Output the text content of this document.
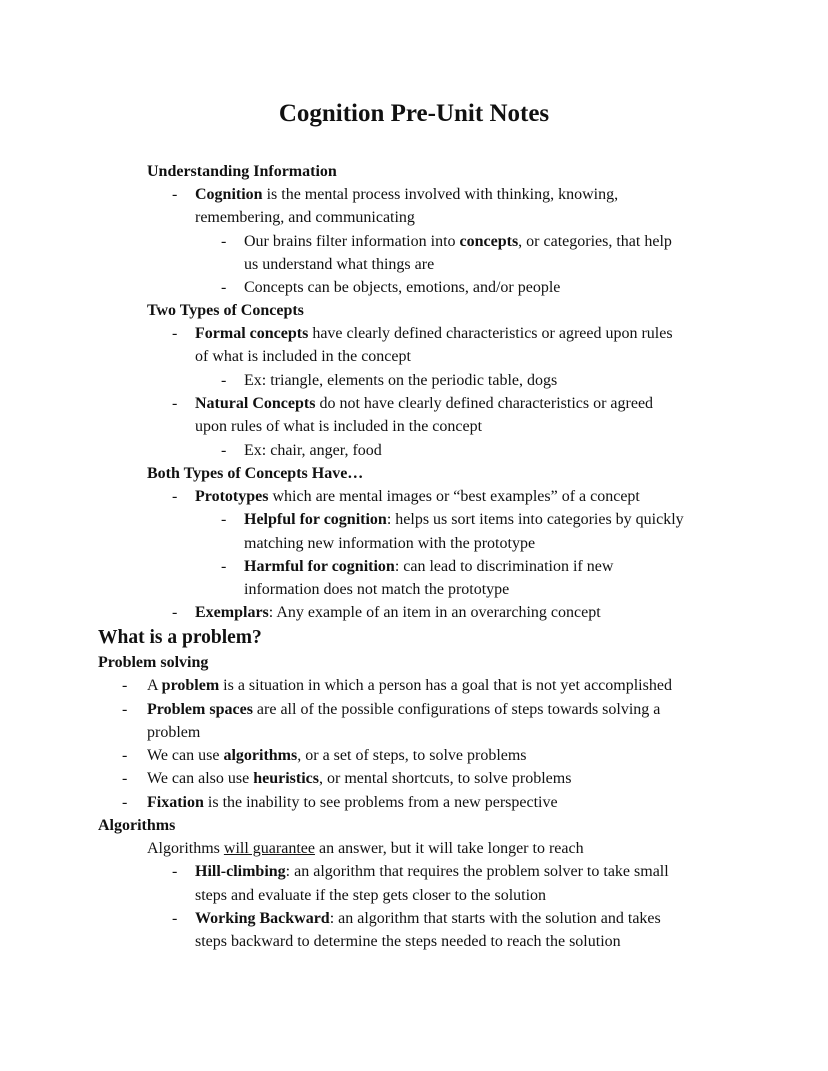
Cognition Pre-Unit Notes
Understanding Information
- Cognition is the mental process involved with thinking, knowing,
remembering, and communicating
- Our brains filter information into concepts, or categories, that help
us understand what things are
- Concepts can be objects, emotions, and/or people
Two Types of Concepts
- Formal concepts have clearly defined characteristics or agreed upon rules
of what is included in the concept
- Ex: triangle, elements on the periodic table, dogs
- Natural Concepts do not have clearly defined characteristics or agreed
upon rules of what is included in the concept
- Ex: chair, anger, food
Both Types of Concepts Have…
- Prototypes which are mental images or “best examples” of a concept
- Helpful for cognition: helps us sort items into categories by quickly
matching new information with the prototype
- Harmful for cognition: can lead to discrimination if new
information does not match the prototype
- Exemplars: Any example of an item in an overarching concept
What is a problem?
Problem solving
- A problem is a situation in which a person has a goal that is not yet accomplished
- Problem spaces are all of the possible configurations of steps towards solving a
problem
- We can use algorithms, or a set of steps, to solve problems
- We can also use heuristics, or mental shortcuts, to solve problems
- Fixation is the inability to see problems from a new perspective
Algorithms
Algorithms will guarantee an answer, but it will take longer to reach
- Hill-climbing: an algorithm that requires the problem solver to take small
steps and evaluate if the step gets closer to the solution
- Working Backward: an algorithm that starts with the solution and takes
steps backward to determine the steps needed to reach the solution
